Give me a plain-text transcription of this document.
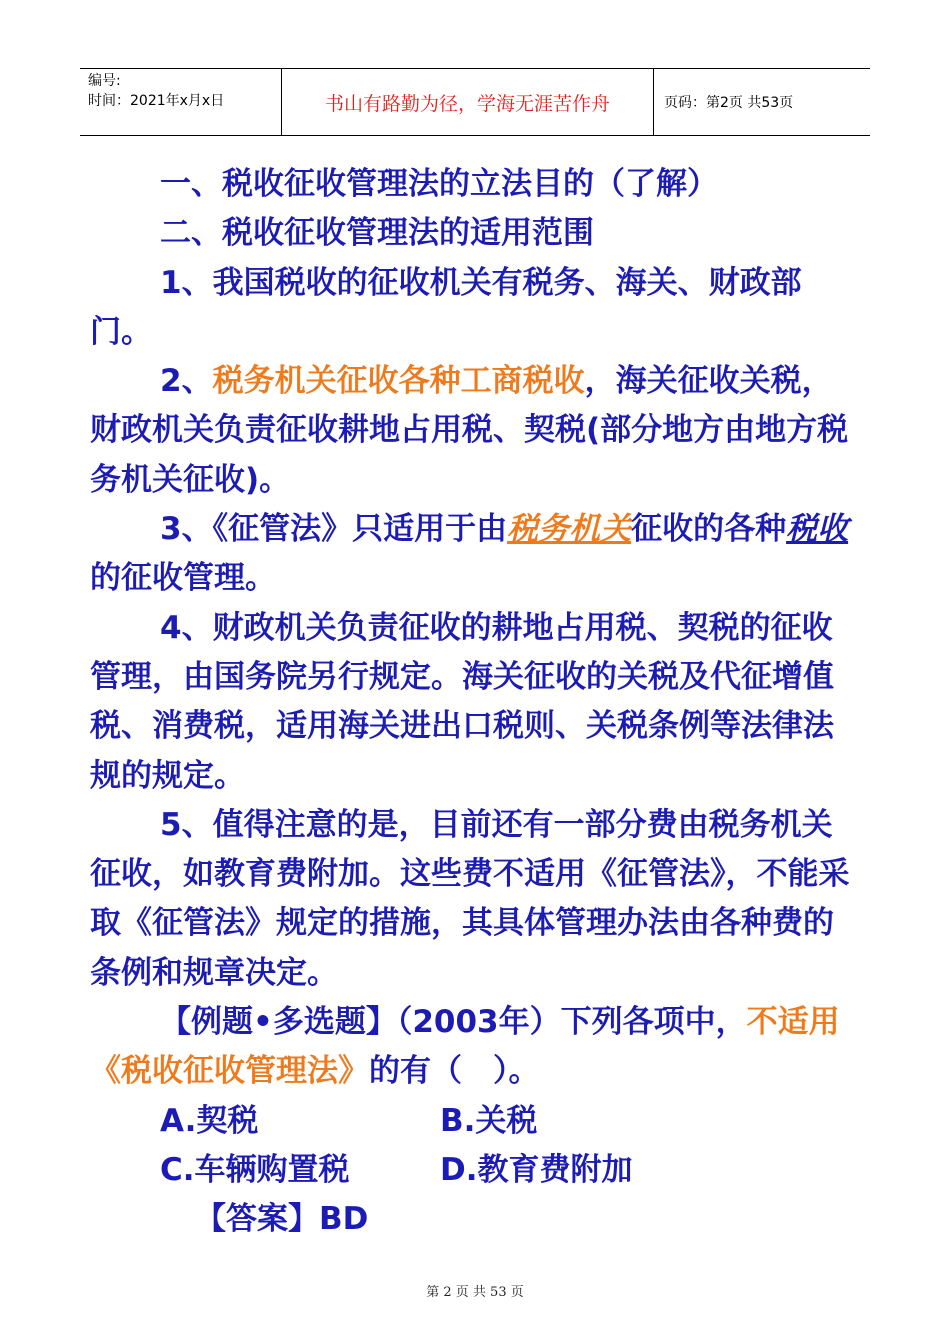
编号:
时间：2021年x月x日	书山有路勤为径，学海无涯苦作舟	页码：第2页 共53页

一、税收征收管理法的立法目的（了解）

二、税收征收管理法的适用范围

1、我国税收的征收机关有税务、海关、财政部门。

2、税务机关征收各种工商税收，海关征收关税，财政机关负责征收耕地占用税、契税(部分地方由地方税务机关征收)。

3、《征管法》只适用于由税务机关征收的各种税收的征收管理。

4、财政机关负责征收的耕地占用税、契税的征收管理，由国务院另行规定。海关征收的关税及代征增值税、消费税，适用海关进出口税则、关税条例等法律法规的规定。

5、值得注意的是，目前还有一部分费由税务机关征收，如教育费附加。这些费不适用《征管法》，不能采取《征管法》规定的措施，其具体管理办法由各种费的条例和规章决定。

【例题•多选题】（2003年）下列各项中，不适用《税收征收管理法》的有（　）。

A.契税	B.关税
C.车辆购置税	D.教育费附加
【答案】BD
第 2 页 共 53 页
